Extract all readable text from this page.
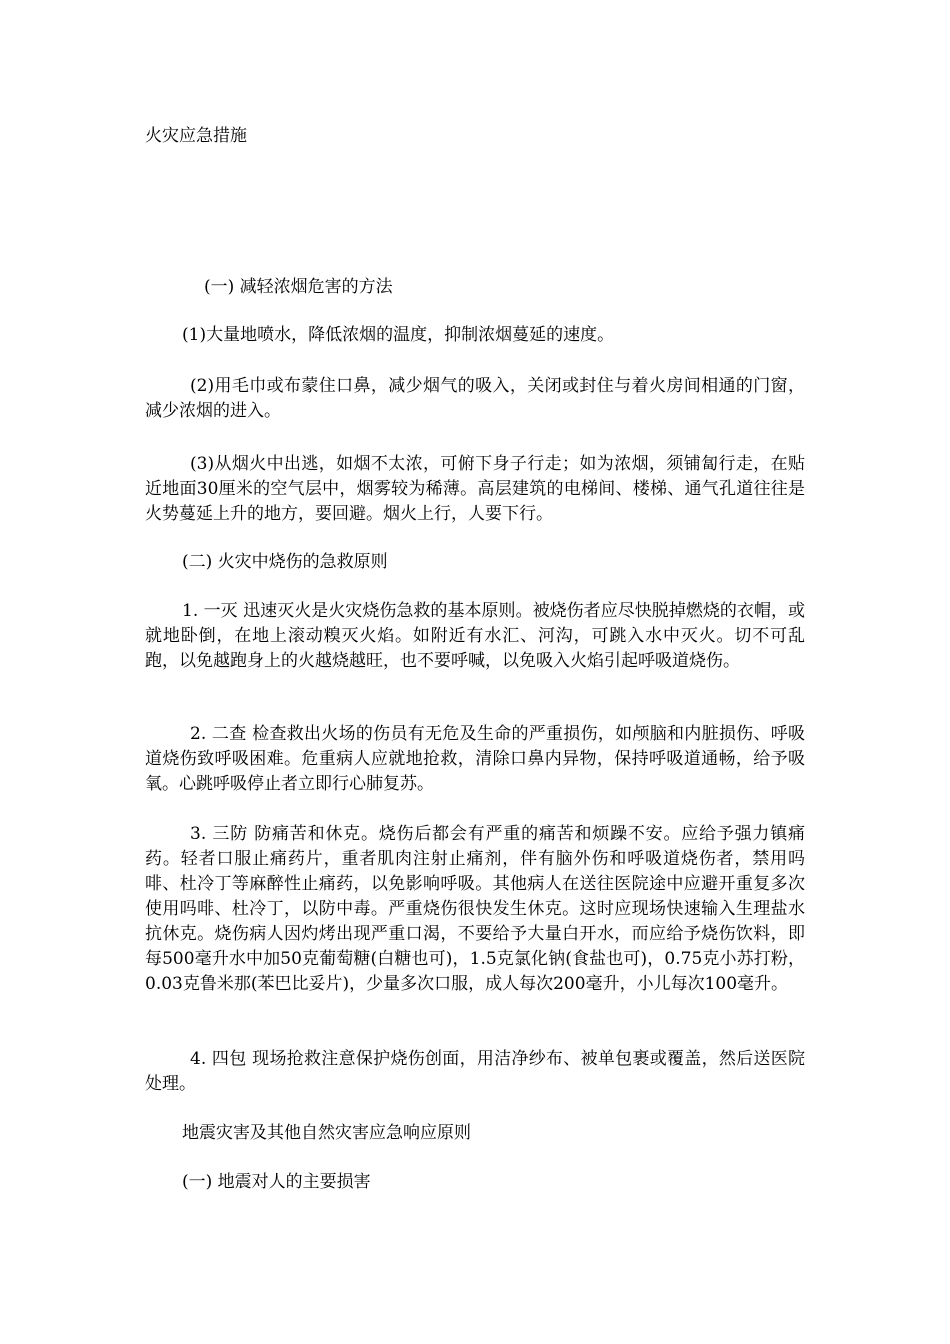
火灾应急措施

(一) 减轻浓烟危害的方法

(1)大量地喷水，降低浓烟的温度，抑制浓烟蔓延的速度。

(2)用毛巾或布蒙住口鼻，减少烟气的吸入，关闭或封住与着火房间相通的门窗，减少浓烟的进入。

(3)从烟火中出逃，如烟不太浓，可俯下身子行走；如为浓烟，须铺匐行走，在贴近地面30厘米的空气层中，烟雾较为稀薄。高层建筑的电梯间、楼梯、通气孔道往往是火势蔓延上升的地方，要回避。烟火上行，人要下行。

(二) 火灾中烧伤的急救原则

1. 一灭 迅速灭火是火灾烧伤急救的基本原则。被烧伤者应尽快脱掉燃烧的衣帽，或就地卧倒，在地上滚动糗灭火焰。如附近有水汇、河沟，可跳入水中灭火。切不可乱跑，以免越跑身上的火越烧越旺，也不要呼喊，以免吸入火焰引起呼吸道烧伤。

2. 二查 检查救出火场的伤员有无危及生命的严重损伤，如颅脑和内脏损伤、呼吸道烧伤致呼吸困难。危重病人应就地抢救，清除口鼻内异物，保持呼吸道通畅，给予吸氧。心跳呼吸停止者立即行心肺复苏。

3. 三防 防痛苦和休克。烧伤后都会有严重的痛苦和烦躁不安。应给予强力镇痛药。轻者口服止痛药片，重者肌肉注射止痛剂，伴有脑外伤和呼吸道烧伤者，禁用吗啡、杜冷丁等麻醉性止痛药，以免影响呼吸。其他病人在送往医院途中应避开重复多次使用吗啡、杜冷丁，以防中毒。严重烧伤很快发生休克。这时应现场快速输入生理盐水抗休克。烧伤病人因灼烤出现严重口渴，不要给予大量白开水，而应给予烧伤饮料，即每500毫升水中加50克葡萄糖(白糖也可)，1.5克氯化钠(食盐也可)，0.75克小苏打粉，0.03克鲁米那(苯巴比妥片)，少量多次口服，成人每次200毫升，小儿每次100毫升。

4. 四包 现场抢救注意保护烧伤创面，用洁净纱布、被单包裹或覆盖，然后送医院处理。

地震灾害及其他自然灾害应急响应原则

(一) 地震对人的主要损害
